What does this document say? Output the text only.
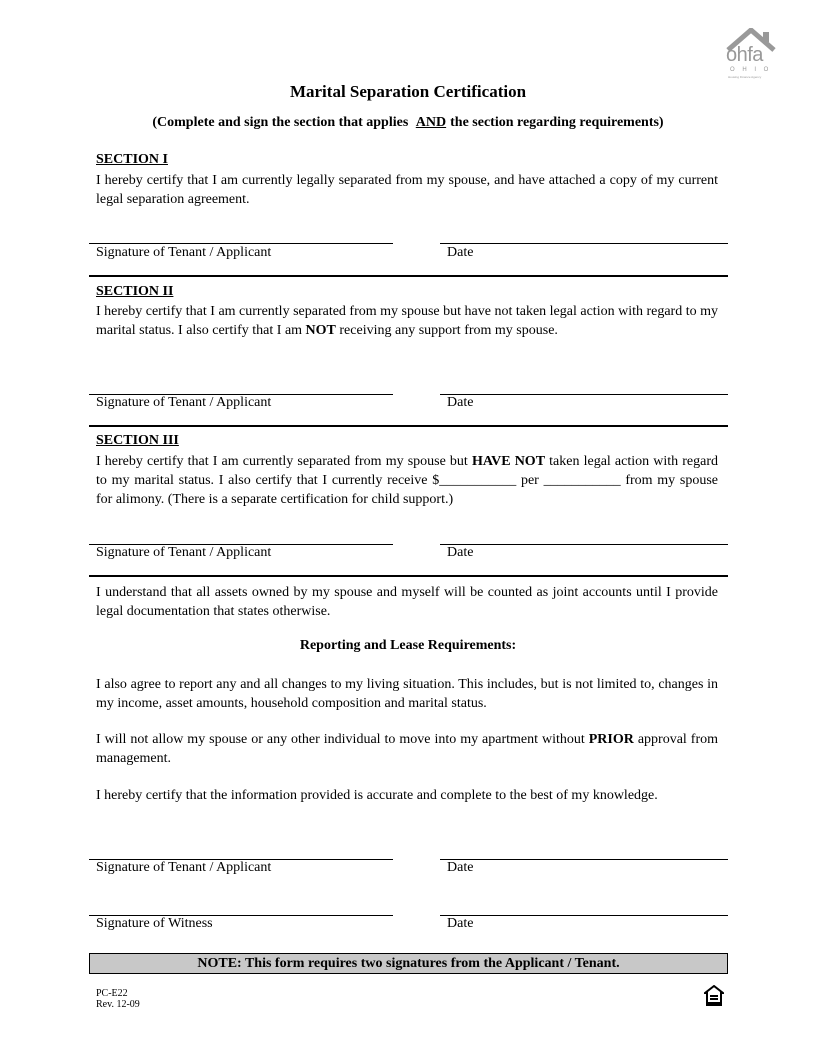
ohfa
O H I O
Housing Finance Agency
Marital Separation Certification
(Complete and sign the section that applies AND the section regarding requirements)
SECTION I
I hereby certify that I am currently legally separated from my spouse, and have attached a copy of my current legal separation agreement.
Signature of Tenant / Applicant	Date
SECTION II
I hereby certify that I am currently separated from my spouse but have not taken legal action with regard to my marital status. I also certify that I am NOT receiving any support from my spouse.
Signature of Tenant / Applicant	Date
SECTION III
I hereby certify that I am currently separated from my spouse but HAVE NOT taken legal action with regard to my marital status. I also certify that I currently receive $___________ per ___________ from my spouse for alimony. (There is a separate certification for child support.)
Signature of Tenant / Applicant	Date
I understand that all assets owned by my spouse and myself will be counted as joint accounts until I provide legal documentation that states otherwise.
Reporting and Lease Requirements:
I also agree to report any and all changes to my living situation. This includes, but is not limited to, changes in my income, asset amounts, household composition and marital status.
I will not allow my spouse or any other individual to move into my apartment without PRIOR approval from management.
I hereby certify that the information provided is accurate and complete to the best of my knowledge.
Signature of Tenant / Applicant	Date
Signature of Witness	Date
NOTE: This form requires two signatures from the Applicant / Tenant.
PC-E22
Rev. 12-09
